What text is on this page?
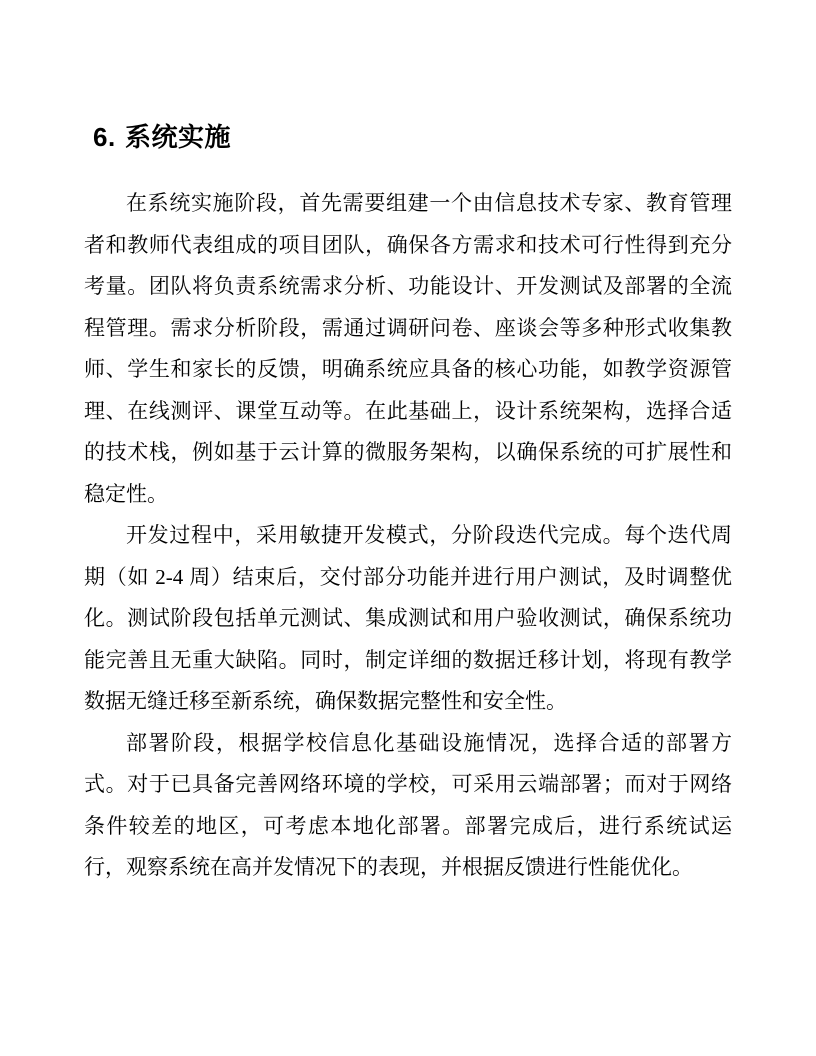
6. 系统实施

在系统实施阶段，首先需要组建一个由信息技术专家、教育管理者和教师代表组成的项目团队，确保各方需求和技术可行性得到充分考量。团队将负责系统需求分析、功能设计、开发测试及部署的全流程管理。需求分析阶段，需通过调研问卷、座谈会等多种形式收集教师、学生和家长的反馈，明确系统应具备的核心功能，如教学资源管理、在线测评、课堂互动等。在此基础上，设计系统架构，选择合适的技术栈，例如基于云计算的微服务架构，以确保系统的可扩展性和稳定性。

开发过程中，采用敏捷开发模式，分阶段迭代完成。每个迭代周期（如 2-4 周）结束后，交付部分功能并进行用户测试，及时调整优化。测试阶段包括单元测试、集成测试和用户验收测试，确保系统功能完善且无重大缺陷。同时，制定详细的数据迁移计划，将现有教学数据无缝迁移至新系统，确保数据完整性和安全性。

部署阶段，根据学校信息化基础设施情况，选择合适的部署方式。对于已具备完善网络环境的学校，可采用云端部署；而对于网络条件较差的地区，可考虑本地化部署。部署完成后，进行系统试运行，观察系统在高并发情况下的表现，并根据反馈进行性能优化。
